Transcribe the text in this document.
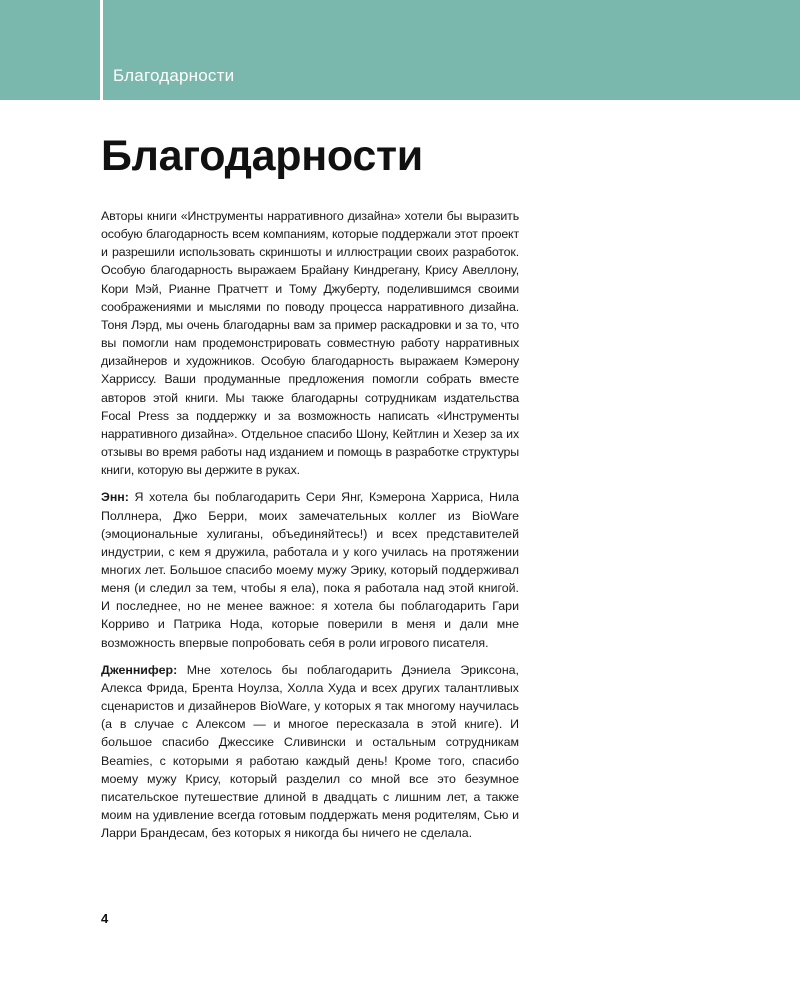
Благодарности
Благодарности

Авторы книги «Инструменты нарративного дизайна» хотели бы выразить особую благодарность всем компаниям, которые поддержали этот проект и разрешили использовать скриншоты и иллюстрации своих разработок. Особую благодарность выражаем Брайану Киндрегану, Крису Авеллону, Кори Мэй, Рианне Пратчетт и Тому Джуберту, поделившимся своими соображениями и мыслями по поводу процесса нарративного дизайна. Тоня Лэрд, мы очень благодарны вам за пример раскадровки и за то, что вы помогли нам продемонстрировать совместную работу нарративных дизайнеров и художников. Особую благодарность выражаем Кэмерону Харриссу. Ваши продуманные предложения помогли собрать вместе авторов этой книги. Мы также благодарны сотрудникам издательства Focal Press за поддержку и за возможность написать «Инструменты нарративного дизайна». Отдельное спасибо Шону, Кейтлин и Хезер за их отзывы во время работы над изданием и помощь в разработке структуры книги, которую вы держите в руках.

Энн: Я хотела бы поблагодарить Сери Янг, Кэмерона Харриса, Нила Поллнера, Джо Берри, моих замечательных коллег из BioWare (эмоциональные хулиганы, объединяйтесь!) и всех представителей индустрии, с кем я дружила, работала и у кого училась на протяжении многих лет. Большое спасибо моему мужу Эрику, который поддерживал меня (и следил за тем, чтобы я ела), пока я работала над этой книгой. И последнее, но не менее важное: я хотела бы поблагодарить Гари Корриво и Патрика Нода, которые поверили в меня и дали мне возможность впервые попробовать себя в роли игрового писателя.

Дженнифер: Мне хотелось бы поблагодарить Дэниела Эриксона, Алекса Фрида, Брента Ноулза, Холла Худа и всех других талантливых сценаристов и дизайнеров BioWare, у которых я так многому научилась (а в случае с Алексом — и многое пересказала в этой книге). И большое спасибо Джессике Сливински и остальным сотрудникам Beamies, с которыми я работаю каждый день! Кроме того, спасибо моему мужу Крису, который разделил со мной все это безумное писательское путешествие длиной в двадцать с лишним лет, а также моим на удивление всегда готовым поддержать меня родителям, Сью и Ларри Брандесам, без которых я никогда бы ничего не сделала.

4
